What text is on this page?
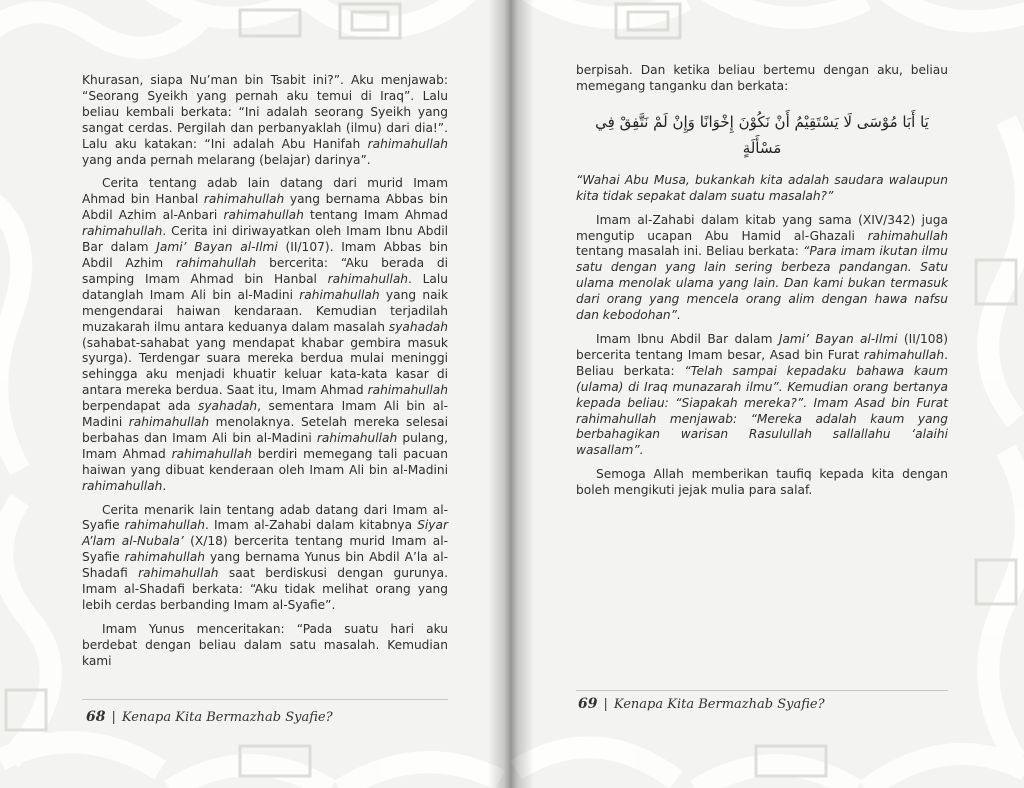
Khurasan, siapa Nu’man bin Tsabit ini?”. Aku menjawab: “Seorang Syeikh yang pernah aku temui di Iraq”. Lalu beliau kembali berkata: “Ini adalah seorang Syeikh yang sangat cerdas. Pergilah dan perbanyaklah (ilmu) dari dia!”. Lalu aku katakan: “Ini adalah Abu Hanifah rahimahullah yang anda pernah melarang (belajar) darinya”.

Cerita tentang adab lain datang dari murid Imam Ahmad bin Hanbal rahimahullah yang bernama Abbas bin Abdil Azhim al-Anbari rahimahullah tentang Imam Ahmad rahimahullah. Cerita ini diriwayatkan oleh Imam Ibnu Abdil Bar dalam Jami’ Bayan al-Ilmi (II/107). Imam Abbas bin Abdil Azhim rahimahullah bercerita: “Aku berada di samping Imam Ahmad bin Hanbal rahimahullah. Lalu datanglah Imam Ali bin al-Madini rahimahullah yang naik mengendarai haiwan kendaraan. Kemudian terjadilah muzakarah ilmu antara keduanya dalam masalah syahadah (sahabat-sahabat yang mendapat khabar gembira masuk syurga). Terdengar suara mereka berdua mulai meninggi sehingga aku menjadi khuatir keluar kata-kata kasar di antara mereka berdua. Saat itu, Imam Ahmad rahimahullah berpendapat ada syahadah, sementara Imam Ali bin al-Madini rahimahullah menolaknya. Setelah mereka selesai berbahas dan Imam Ali bin al-Madini rahimahullah pulang, Imam Ahmad rahimahullah berdiri memegang tali pacuan haiwan yang dibuat kenderaan oleh Imam Ali bin al-Madini rahimahullah.

Cerita menarik lain tentang adab datang dari Imam al-Syafie rahimahullah. Imam al-Zahabi dalam kitabnya Siyar A’lam al-Nubala’ (X/18) bercerita tentang murid Imam al-Syafie rahimahullah yang bernama Yunus bin Abdil A’la al-Shadafi rahimahullah saat berdiskusi dengan gurunya. Imam al-Shadafi berkata: “Aku tidak melihat orang yang lebih cerdas berbanding Imam al-Syafie”.

Imam Yunus menceritakan: “Pada suatu hari aku berdebat dengan beliau dalam satu masalah. Kemudian kami

68 | Kenapa Kita Bermazhab Syafie?

berpisah. Dan ketika beliau bertemu dengan aku, beliau memegang tanganku dan berkata:

يَا أَبَا مُوْسَى لَا يَسْتَقِيْمُ أَنْ نَكُوْنَ إِخْوَانًا وَإِنْ لَمْ نَتَّفِقْ فِي مَسْأَلَةٍ

“Wahai Abu Musa, bukankah kita adalah saudara walaupun kita tidak sepakat dalam suatu masalah?”

Imam al-Zahabi dalam kitab yang sama (XIV/342) juga mengutip ucapan Abu Hamid al-Ghazali rahimahullah tentang masalah ini. Beliau berkata: “Para imam ikutan ilmu satu dengan yang lain sering berbeza pandangan. Satu ulama menolak ulama yang lain. Dan kami bukan termasuk dari orang yang mencela orang alim dengan hawa nafsu dan kebodohan”.

Imam Ibnu Abdil Bar dalam Jami’ Bayan al-Ilmi (II/108) bercerita tentang Imam besar, Asad bin Furat rahimahullah. Beliau berkata: “Telah sampai kepadaku bahawa kaum (ulama) di Iraq munazarah ilmu”. Kemudian orang bertanya kepada beliau: “Siapakah mereka?”. Imam Asad bin Furat rahimahullah menjawab: “Mereka adalah kaum yang berbahagikan warisan Rasulullah sallallahu ‘alaihi wasallam”.

Semoga Allah memberikan taufiq kepada kita dengan boleh mengikuti jejak mulia para salaf.

69 | Kenapa Kita Bermazhab Syafie?
